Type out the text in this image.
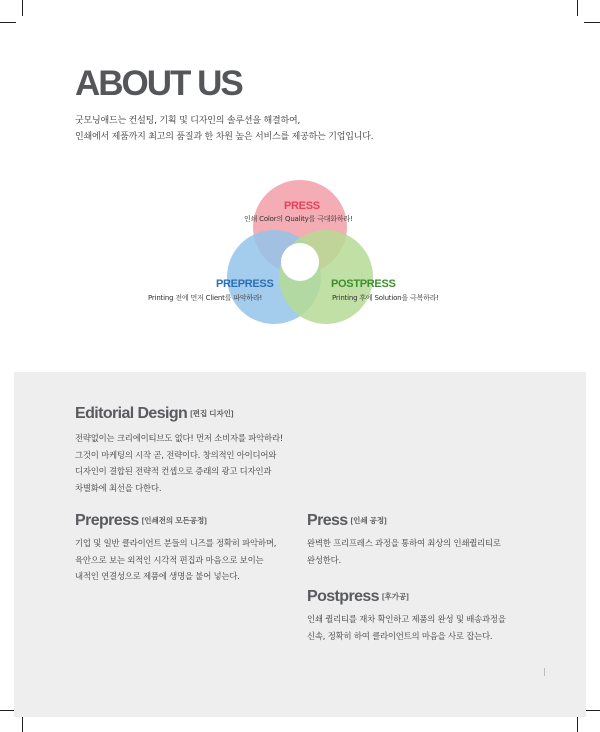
ABOUT US
굿모닝애드는 컨설팅, 기획 및 디자인의 솔루션을 해결하여,
인쇄에서 제품까지 최고의 품질과 한 차원 높은 서비스를 제공하는 기업입니다.
PRESS
인쇄 Color의 Quality를 극대화하라!
PREPRESS
Printing 전에 먼저 Client를 파악하라!
POSTPRESS
Printing 후에 Solution을 극복하라!
Editorial Design [편집 디자인]
전략없이는 크리에이티브도 없다! 먼저 소비자를 파악하라!
그것이 마케팅의 시작 곧, 전략이다. 창의적인 아이디어와
디자인이 결합된 전략적 컨셉으로 증래의 광고 디자인과
차별화에 최선을 다한다.
Prepress [인쇄전의 모든공정]
기업 및 일반 클라이언트 분들의 니즈를 정확히 파악하며,
육안으로 보는 외적인 시각적 편집과 마음으로 보이는
내적인 연결성으로 제품에 생명을 불어 넣는다.
Press [인쇄 공정]
완벽한 프리프레스 과정을 통하여 최상의 인쇄퀄리티로
완성한다.
Postpress [후가공]
인쇄 퀄리티를 재차 확인하고 제품의 완성 및 배송과정을
신속, 정확히 하여 클라이언트의 마음을 사로 잡는다.
